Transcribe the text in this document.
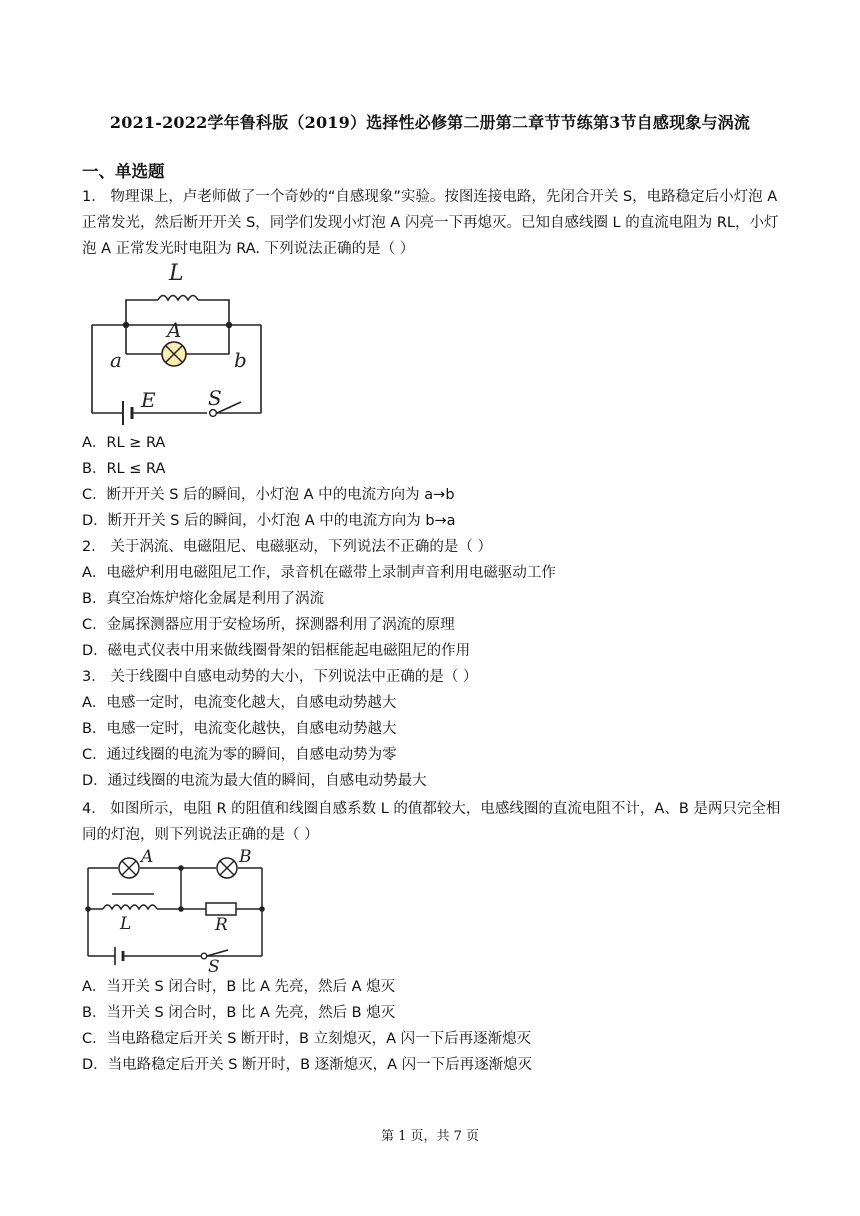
2021-2022学年鲁科版（2019）选择性必修第二册第二章节节练第3节自感现象与涡流
一、单选题
1． 物理课上，卢老师做了一个奇妙的“自感现象”实验。按图连接电路，先闭合开关 S，电路稳定后小灯泡 A
正常发光，然后断开开关 S，同学们发现小灯泡 A 闪亮一下再熄灭。已知自感线圈 L 的直流电阻为 RL，小灯
泡 A 正常发光时电阻为 RA. 下列说法正确的是（ ）
L
A
a	b
E	S
A．RL ≥ RA
B．RL ≤ RA
C．断开开关 S 后的瞬间，小灯泡 A 中的电流方向为 a→b
D．断开开关 S 后的瞬间，小灯泡 A 中的电流方向为 b→a
2． 关于涡流、电磁阻尼、电磁驱动，下列说法不正确的是（ ）
A．电磁炉利用电磁阻尼工作，录音机在磁带上录制声音利用电磁驱动工作
B．真空冶炼炉熔化金属是利用了涡流
C．金属探测器应用于安检场所，探测器利用了涡流的原理
D．磁电式仪表中用来做线圈骨架的铝框能起电磁阻尼的作用
3． 关于线圈中自感电动势的大小，下列说法中正确的是（ ）
A．电感一定时，电流变化越大，自感电动势越大
B．电感一定时，电流变化越快，自感电动势越大
C．通过线圈的电流为零的瞬间，自感电动势为零
D．通过线圈的电流为最大值的瞬间，自感电动势最大
4． 如图所示，电阻 R 的阻值和线圈自感系数 L 的值都较大，电感线圈的直流电阻不计，A、B 是两只完全相
同的灯泡，则下列说法正确的是（ ）
A	B
L	R
S
A．当开关 S 闭合时，B 比 A 先亮，然后 A 熄灭
B．当开关 S 闭合时，B 比 A 先亮，然后 B 熄灭
C．当电路稳定后开关 S 断开时，B 立刻熄灭，A 闪一下后再逐渐熄灭
D．当电路稳定后开关 S 断开时，B 逐渐熄灭，A 闪一下后再逐渐熄灭
第 1 页，共 7 页
